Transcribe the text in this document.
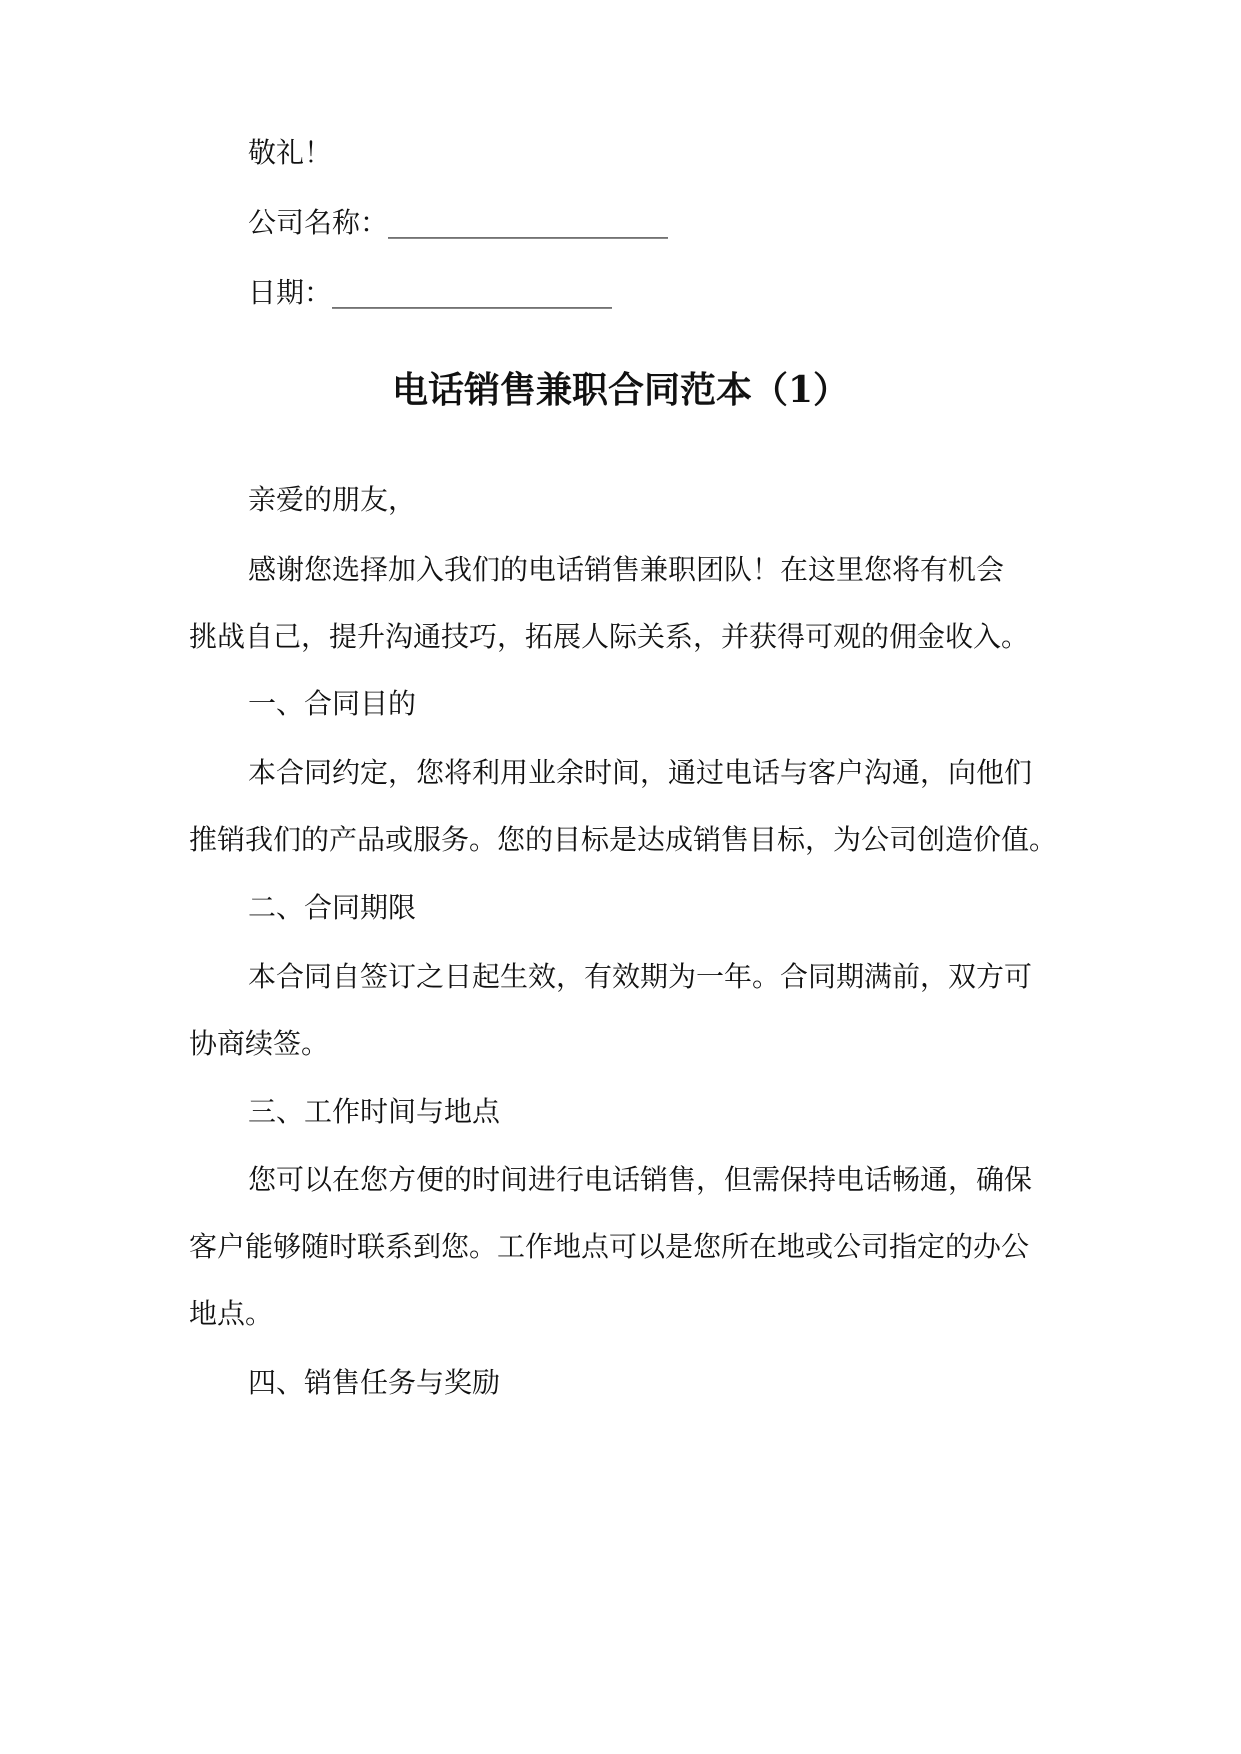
敬礼！
公司名称：____________________
日期：____________________
电话销售兼职合同范本（1）
亲爱的朋友，
感谢您选择加入我们的电话销售兼职团队！在这里您将有机会
挑战自己，提升沟通技巧，拓展人际关系，并获得可观的佣金收入。
一、合同目的
本合同约定，您将利用业余时间，通过电话与客户沟通，向他们
推销我们的产品或服务。您的目标是达成销售目标，为公司创造价值。
二、合同期限
本合同自签订之日起生效，有效期为一年。合同期满前，双方可
协商续签。
三、工作时间与地点
您可以在您方便的时间进行电话销售，但需保持电话畅通，确保
客户能够随时联系到您。工作地点可以是您所在地或公司指定的办公
地点。
四、销售任务与奖励
